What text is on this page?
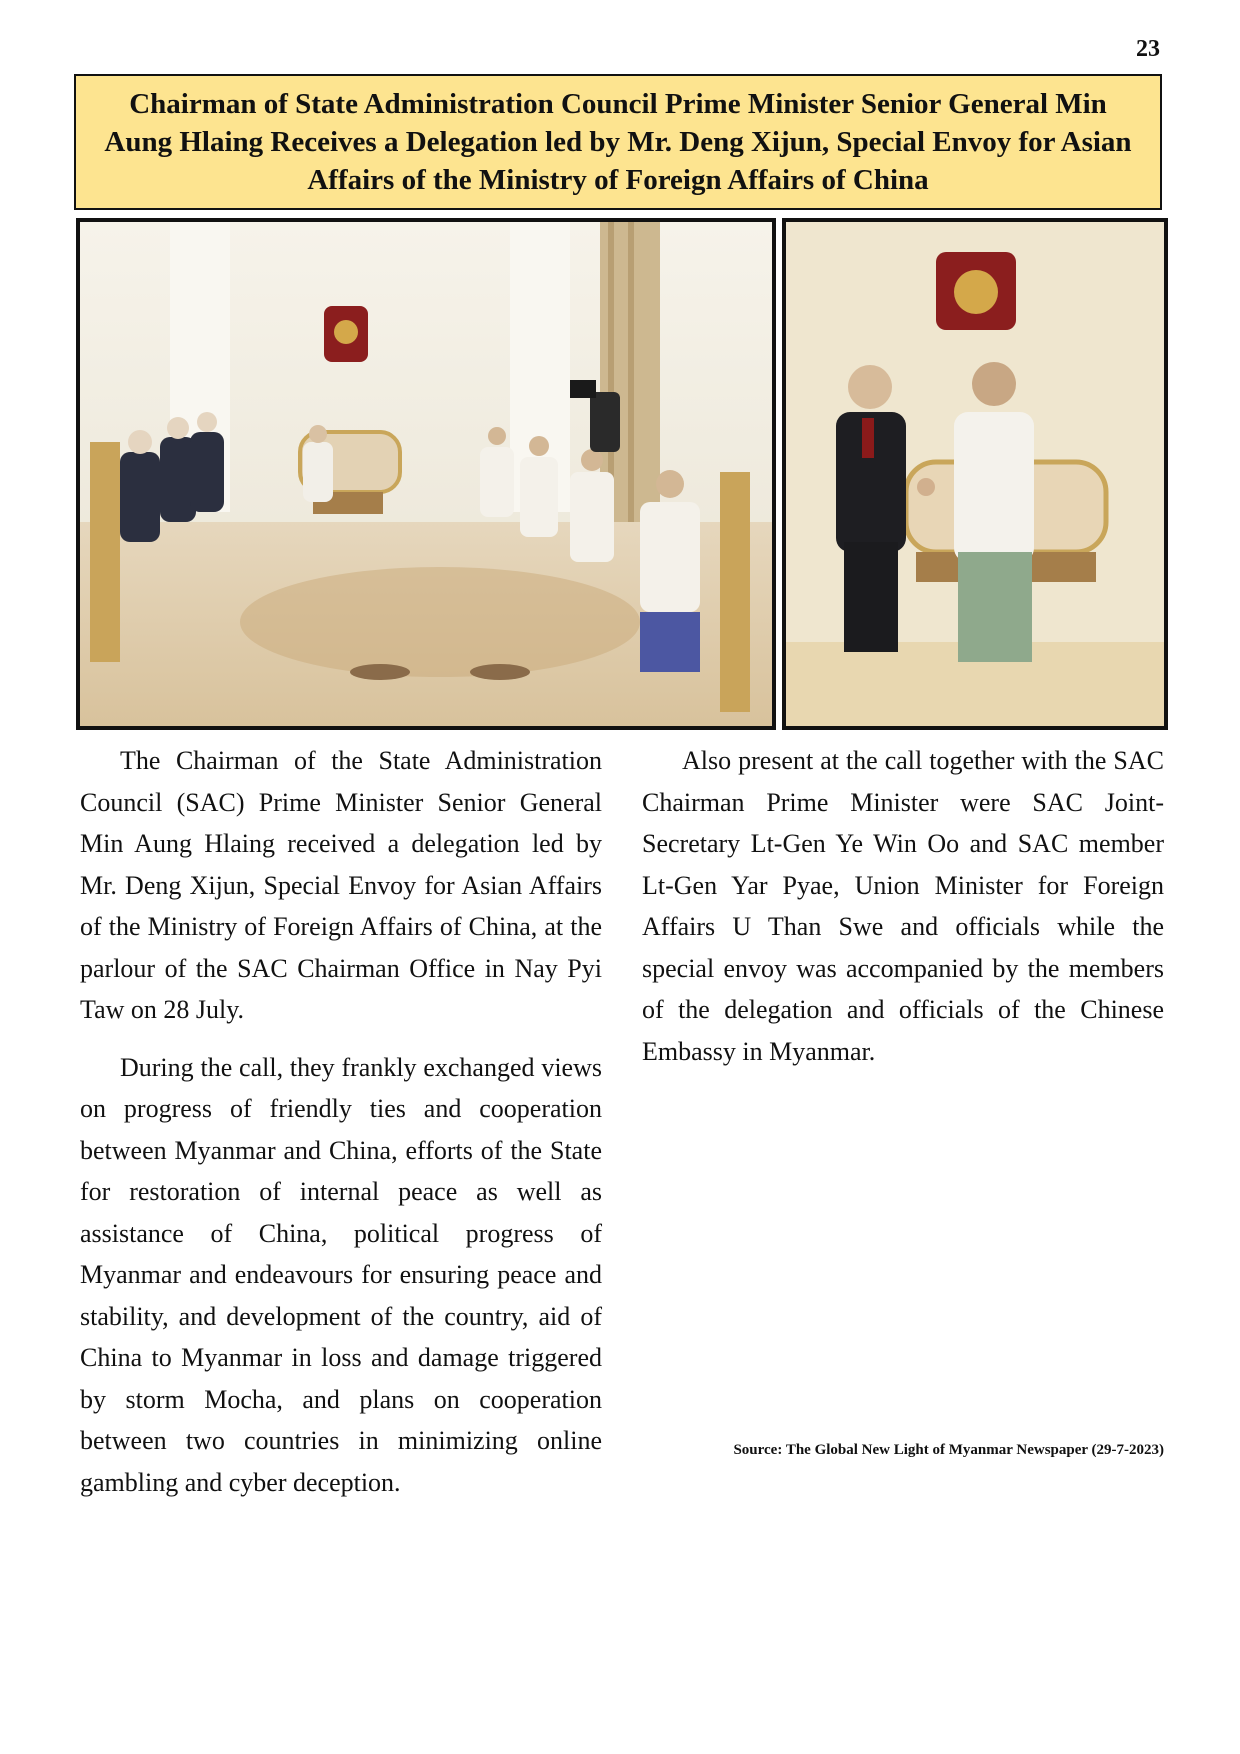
23
Chairman of State Administration Council Prime Minister Senior General Min Aung Hlaing Receives a Delegation led by Mr. Deng Xijun, Special Envoy for Asian Affairs of the Ministry of Foreign Affairs of China

The Chairman of the State Administration Council (SAC) Prime Minister Senior General Min Aung Hlaing received a delegation led by Mr. Deng Xijun, Special Envoy for Asian Affairs of the Ministry of Foreign Affairs of China, at the parlour of the SAC Chairman Office in Nay Pyi Taw on 28 July.

During the call, they frankly exchanged views on progress of friendly ties and cooperation between Myanmar and China, efforts of the State for restoration of internal peace as well as assistance of China, political progress of Myanmar and endeavours for ensuring peace and stability, and development of the country, aid of China to Myanmar in loss and damage triggered by storm Mocha, and plans on cooperation between two countries in minimizing online gambling and cyber deception.

Also present at the call together with the SAC Chairman Prime Minister were SAC Joint-Secretary Lt-Gen Ye Win Oo and SAC member Lt-Gen Yar Pyae, Union Minister for Foreign Affairs U Than Swe and officials while the special envoy was accompanied by the members of the delegation and officials of the Chinese Embassy in Myanmar.

Source: The Global New Light of Myanmar Newspaper (29-7-2023)
